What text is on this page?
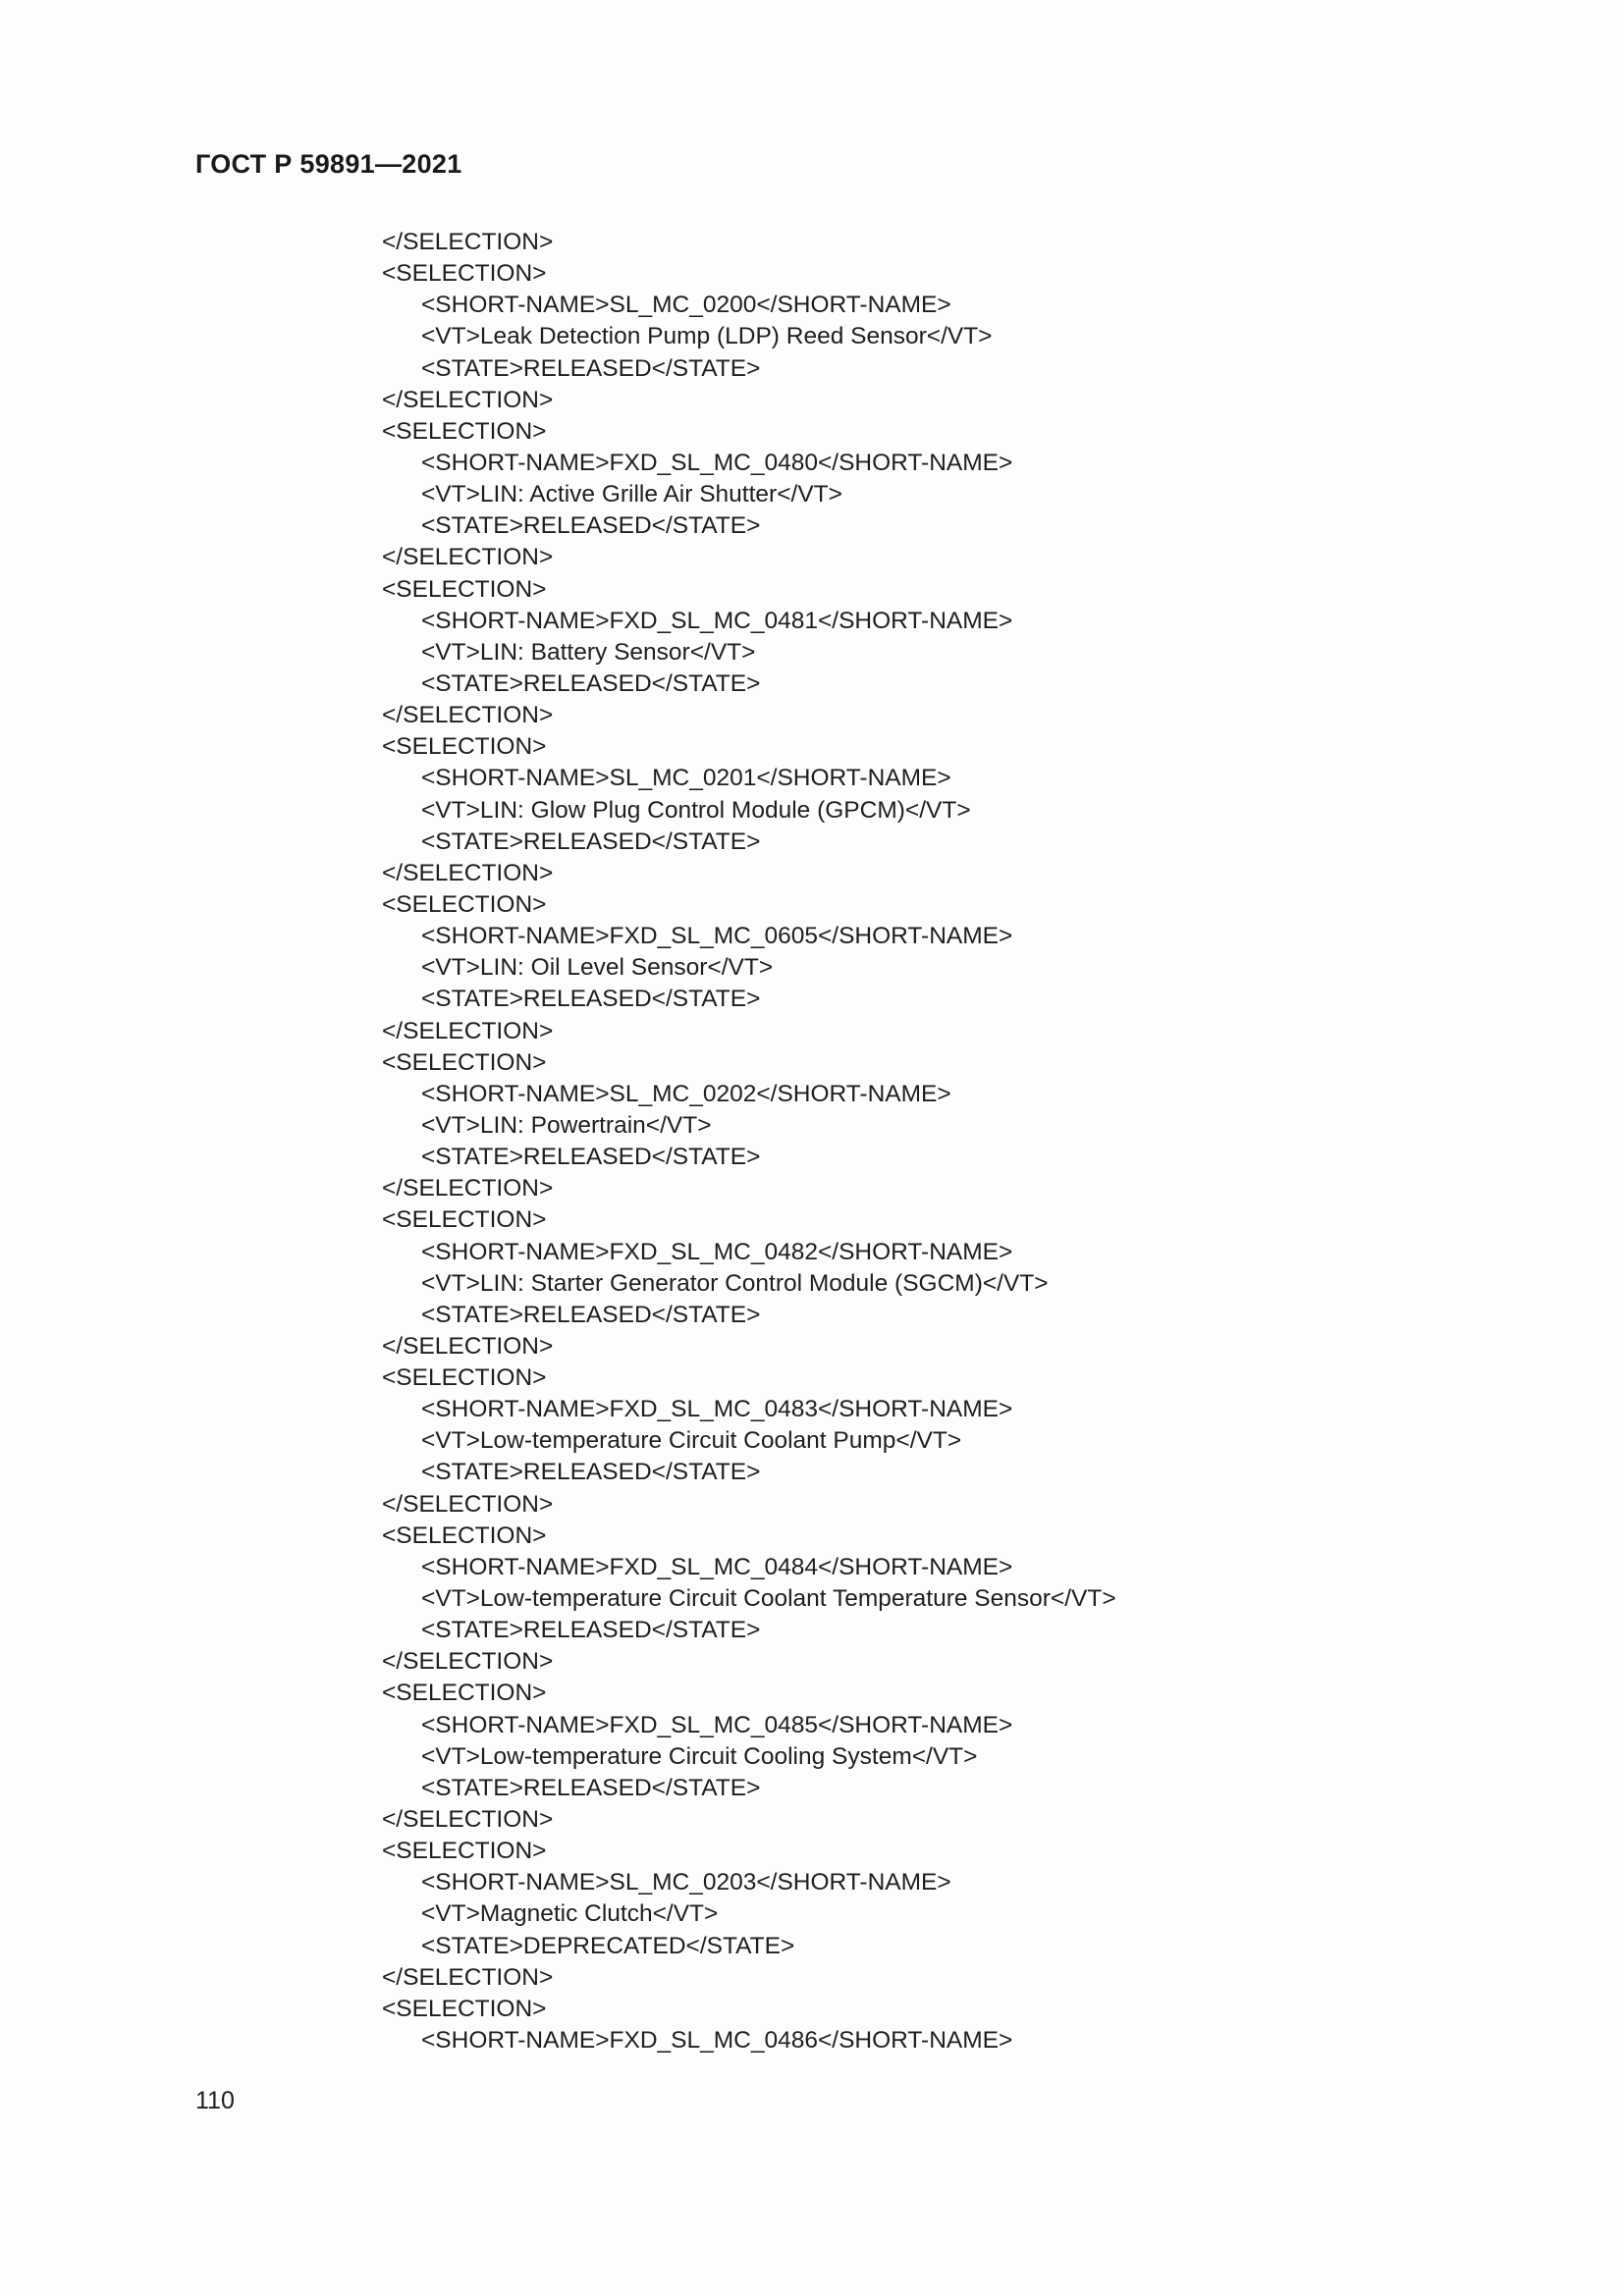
ГОСТ Р 59891—2021
</SELECTION>
<SELECTION>
<SHORT-NAME>SL_MC_0200</SHORT-NAME>
<VT>Leak Detection Pump (LDP) Reed Sensor</VT>
<STATE>RELEASED</STATE>
</SELECTION>
<SELECTION>
<SHORT-NAME>FXD_SL_MC_0480</SHORT-NAME>
<VT>LIN: Active Grille Air Shutter</VT>
<STATE>RELEASED</STATE>
</SELECTION>
<SELECTION>
<SHORT-NAME>FXD_SL_MC_0481</SHORT-NAME>
<VT>LIN: Battery Sensor</VT>
<STATE>RELEASED</STATE>
</SELECTION>
<SELECTION>
<SHORT-NAME>SL_MC_0201</SHORT-NAME>
<VT>LIN: Glow Plug Control Module (GPCM)</VT>
<STATE>RELEASED</STATE>
</SELECTION>
<SELECTION>
<SHORT-NAME>FXD_SL_MC_0605</SHORT-NAME>
<VT>LIN: Oil Level Sensor</VT>
<STATE>RELEASED</STATE>
</SELECTION>
<SELECTION>
<SHORT-NAME>SL_MC_0202</SHORT-NAME>
<VT>LIN: Powertrain</VT>
<STATE>RELEASED</STATE>
</SELECTION>
<SELECTION>
<SHORT-NAME>FXD_SL_MC_0482</SHORT-NAME>
<VT>LIN: Starter Generator Control Module (SGCM)</VT>
<STATE>RELEASED</STATE>
</SELECTION>
<SELECTION>
<SHORT-NAME>FXD_SL_MC_0483</SHORT-NAME>
<VT>Low-temperature Circuit Coolant Pump</VT>
<STATE>RELEASED</STATE>
</SELECTION>
<SELECTION>
<SHORT-NAME>FXD_SL_MC_0484</SHORT-NAME>
<VT>Low-temperature Circuit Coolant Temperature Sensor</VT>
<STATE>RELEASED</STATE>
</SELECTION>
<SELECTION>
<SHORT-NAME>FXD_SL_MC_0485</SHORT-NAME>
<VT>Low-temperature Circuit Cooling System</VT>
<STATE>RELEASED</STATE>
</SELECTION>
<SELECTION>
<SHORT-NAME>SL_MC_0203</SHORT-NAME>
<VT>Magnetic Clutch</VT>
<STATE>DEPRECATED</STATE>
</SELECTION>
<SELECTION>
<SHORT-NAME>FXD_SL_MC_0486</SHORT-NAME>
110
